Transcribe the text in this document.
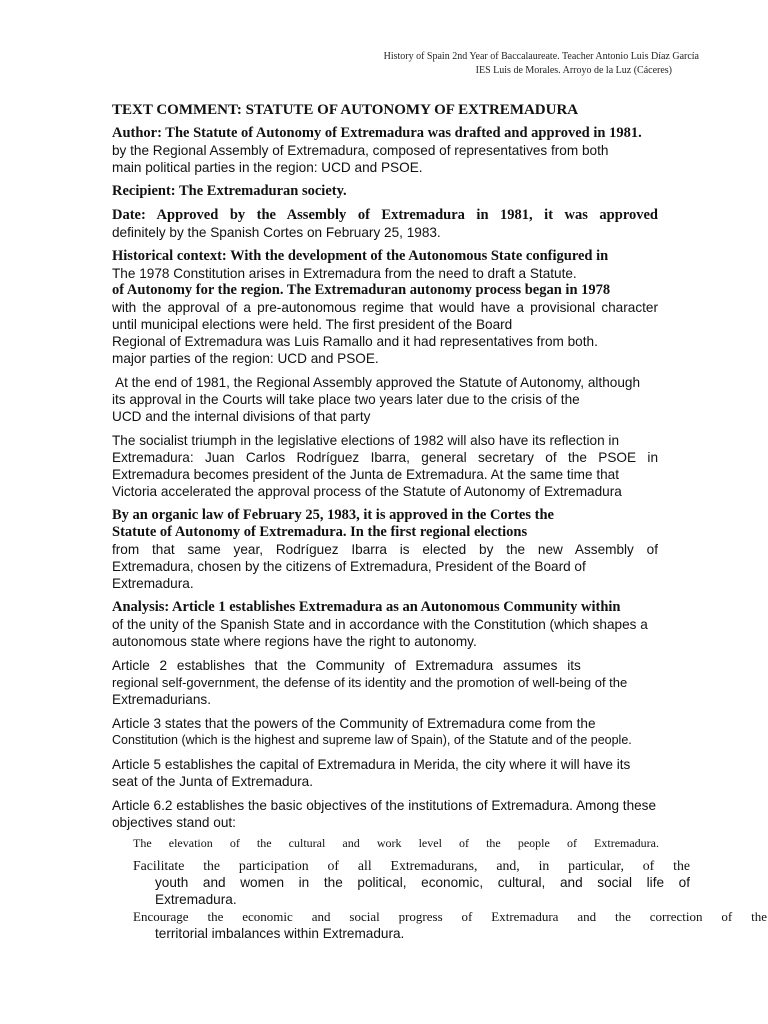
History of Spain 2nd Year of Baccalaureate. Teacher Antonio Luis Díaz García
IES Luis de Morales. Arroyo de la Luz (Cáceres)
TEXT COMMENT: STATUTE OF AUTONOMY OF EXTREMADURA

Author: The Statute of Autonomy of Extremadura was drafted and approved in 1981.
by the Regional Assembly of Extremadura, composed of representatives from both
main political parties in the region: UCD and PSOE.

Recipient: The Extremaduran society.

Date: Approved by the Assembly of Extremadura in 1981, it was approved
definitely by the Spanish Cortes on February 25, 1983.

Historical context: With the development of the Autonomous State configured in
The 1978 Constitution arises in Extremadura from the need to draft a Statute.
of Autonomy for the region. The Extremaduran autonomy process began in 1978
with the approval of a pre-autonomous regime that would have a provisional character
until municipal elections were held. The first president of the Board
Regional of Extremadura was Luis Ramallo and it had representatives from both.
major parties of the region: UCD and PSOE.

At the end of 1981, the Regional Assembly approved the Statute of Autonomy, although
its approval in the Courts will take place two years later due to the crisis of the
UCD and the internal divisions of that party

The socialist triumph in the legislative elections of 1982 will also have its reflection in
Extremadura: Juan Carlos Rodríguez Ibarra, general secretary of the PSOE in
Extremadura becomes president of the Junta de Extremadura. At the same time that
Victoria accelerated the approval process of the Statute of Autonomy of Extremadura

By an organic law of February 25, 1983, it is approved in the Cortes the
Statute of Autonomy of Extremadura. In the first regional elections
from that same year, Rodríguez Ibarra is elected by the new Assembly of
Extremadura, chosen by the citizens of Extremadura, President of the Board of
Extremadura.

Analysis: Article 1 establishes Extremadura as an Autonomous Community within
of the unity of the Spanish State and in accordance with the Constitution (which shapes a
autonomous state where regions have the right to autonomy.

Article 2 establishes that the Community of Extremadura assumes its
regional self-government, the defense of its identity and the promotion of well-being of the
Extremadurians.

Article 3 states that the powers of the Community of Extremadura come from the
Constitution (which is the highest and supreme law of Spain), of the Statute and of the people.

Article 5 establishes the capital of Extremadura in Merida, the city where it will have its
seat of the Junta of Extremadura.

Article 6.2 establishes the basic objectives of the institutions of Extremadura. Among these
objectives stand out:

The elevation of the cultural and work level of the people of Extremadura.
Facilitate the participation of all Extremadurans, and, in particular, of the
youth and women in the political, economic, cultural, and social life of
Extremadura.
Encourage the economic and social progress of Extremadura and the correction of the
territorial imbalances within Extremadura.
